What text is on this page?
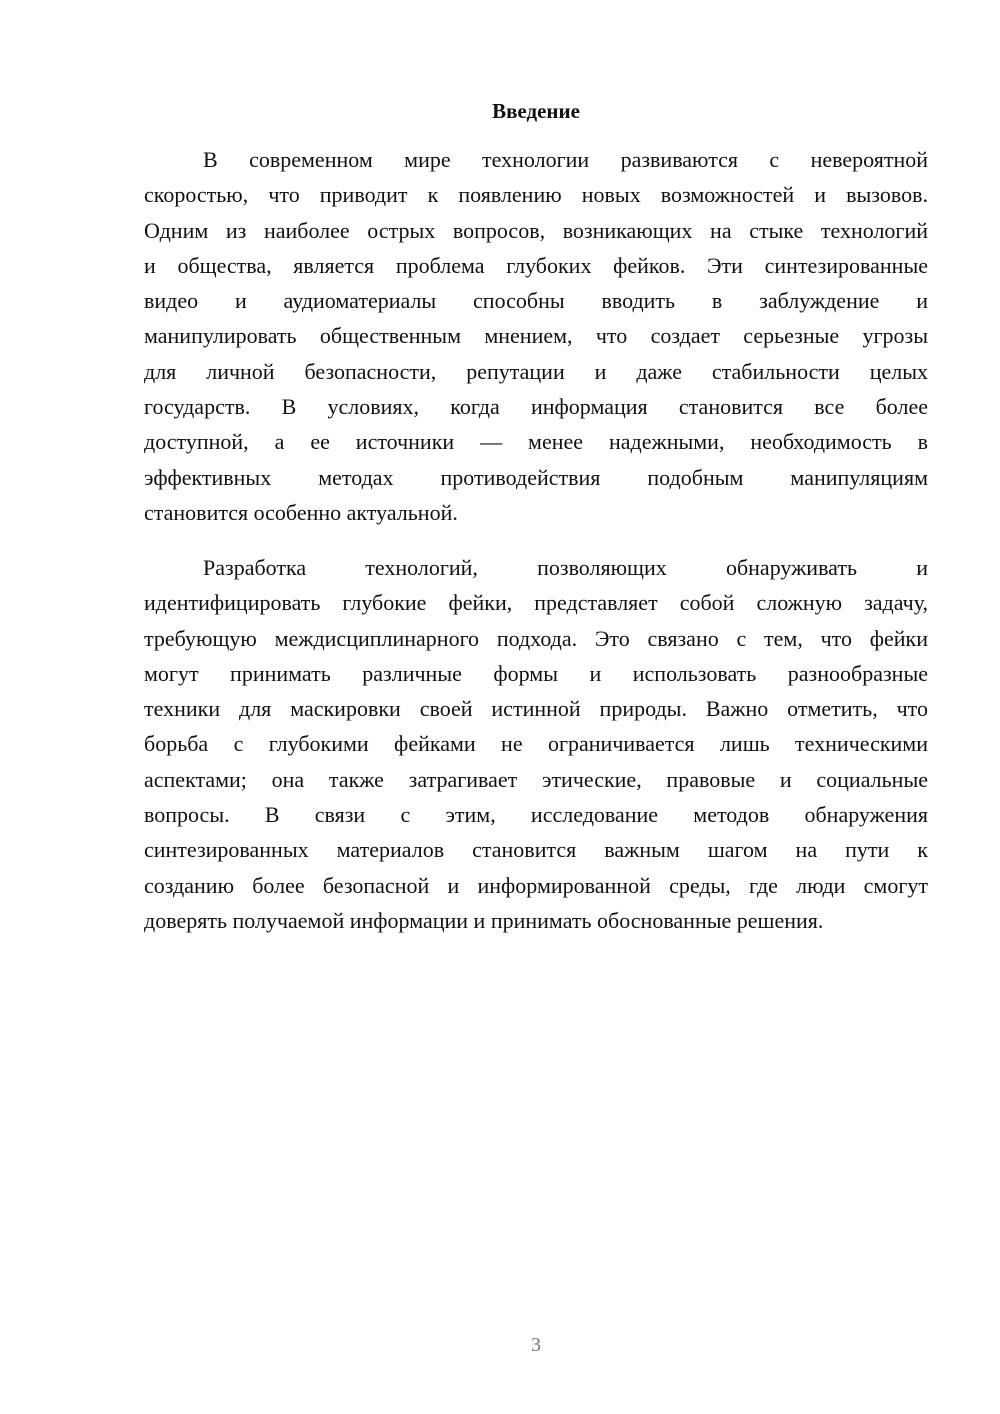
Введение

В современном мире технологии развиваются с невероятной
скоростью, что приводит к появлению новых возможностей и вызовов.
Одним из наиболее острых вопросов, возникающих на стыке технологий
и общества, является проблема глубоких фейков. Эти синтезированные
видео и аудиоматериалы способны вводить в заблуждение и
манипулировать общественным мнением, что создает серьезные угрозы
для личной безопасности, репутации и даже стабильности целых
государств. В условиях, когда информация становится все более
доступной, а ее источники — менее надежными, необходимость в
эффективных методах противодействия подобным манипуляциям
становится особенно актуальной.

Разработка технологий, позволяющих обнаруживать и
идентифицировать глубокие фейки, представляет собой сложную задачу,
требующую междисциплинарного подхода. Это связано с тем, что фейки
могут принимать различные формы и использовать разнообразные
техники для маскировки своей истинной природы. Важно отметить, что
борьба с глубокими фейками не ограничивается лишь техническими
аспектами; она также затрагивает этические, правовые и социальные
вопросы. В связи с этим, исследование методов обнаружения
синтезированных материалов становится важным шагом на пути к
созданию более безопасной и информированной среды, где люди смогут
доверять получаемой информации и принимать обоснованные решения.

3
